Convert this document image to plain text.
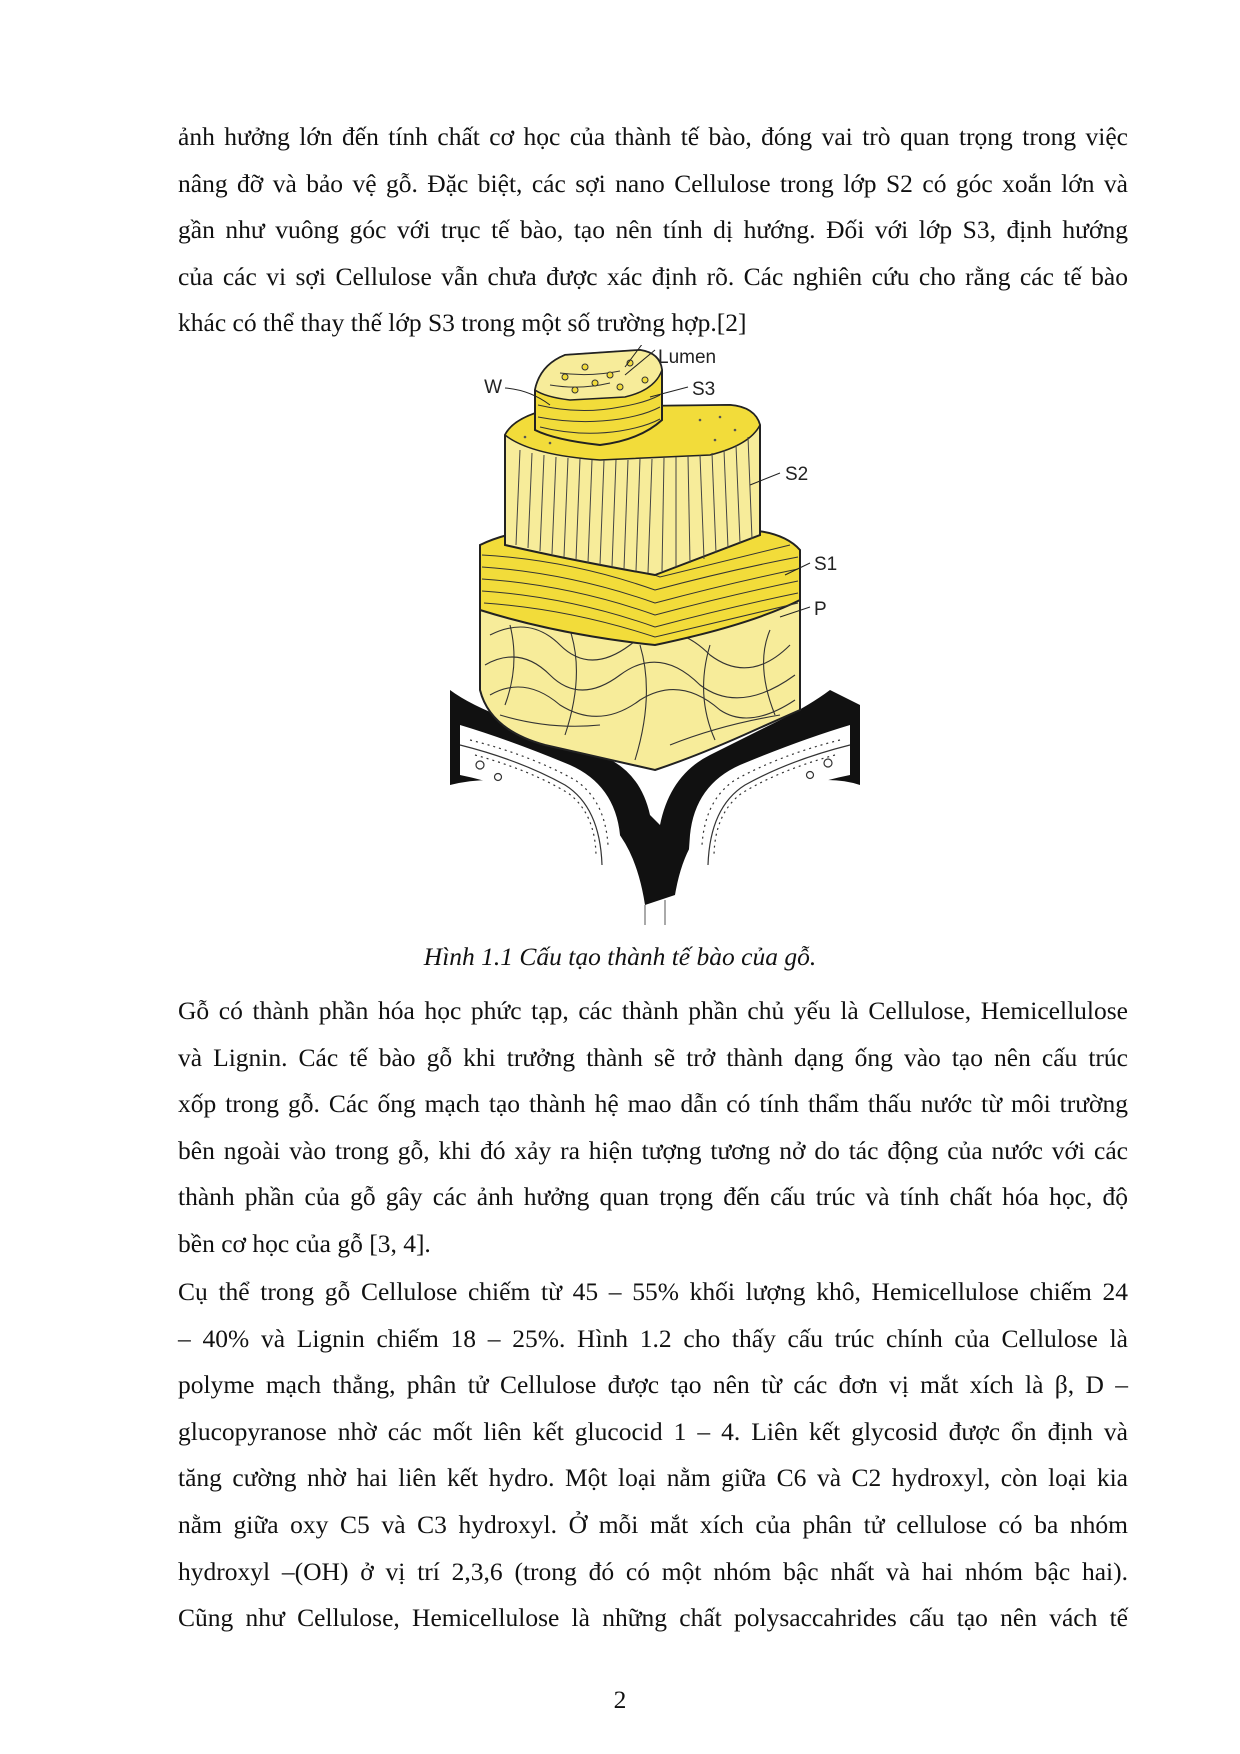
ảnh hưởng lớn đến tính chất cơ học của thành tế bào, đóng vai trò quan trọng trong việc
nâng đỡ và bảo vệ gỗ. Đặc biệt, các sợi nano Cellulose trong lớp S2 có góc xoắn lớn và
gần như vuông góc với trục tế bào, tạo nên tính dị hướng. Đối với lớp S3, định hướng
của các vi sợi Cellulose vẫn chưa được xác định rõ. Các nghiên cứu cho rằng các tế bào
khác có thể thay thế lớp S3 trong một số trường hợp.[2]
Lumen
W	S3
S2
S1
P
Hình 1.1 Cấu tạo thành tế bào của gỗ.
Gỗ có thành phần hóa học phức tạp, các thành phần chủ yếu là Cellulose, Hemicellulose
và Lignin. Các tế bào gỗ khi trưởng thành sẽ trở thành dạng ống vào tạo nên cấu trúc
xốp trong gỗ. Các ống mạch tạo thành hệ mao dẫn có tính thẩm thấu nước từ môi trường
bên ngoài vào trong gỗ, khi đó xảy ra hiện tượng tương nở do tác động của nước với các
thành phần của gỗ gây các ảnh hưởng quan trọng đến cấu trúc và tính chất hóa học, độ
bền cơ học của gỗ [3, 4].
Cụ thể trong gỗ Cellulose chiếm từ 45 – 55% khối lượng khô, Hemicellulose chiếm 24
– 40% và Lignin chiếm 18 – 25%. Hình 1.2 cho thấy cấu trúc chính của Cellulose là
polyme mạch thẳng, phân tử Cellulose được tạo nên từ các đơn vị mắt xích là β, D –
glucopyranose nhờ các mốt liên kết glucocid 1 – 4. Liên kết glycosid được ổn định và
tăng cường nhờ hai liên kết hydro. Một loại nằm giữa C6 và C2 hydroxyl, còn loại kia
nằm giữa oxy C5 và C3 hydroxyl. Ở mỗi mắt xích của phân tử cellulose có ba nhóm
hydroxyl –(OH) ở vị trí 2,3,6 (trong đó có một nhóm bậc nhất và hai nhóm bậc hai).
Cũng như Cellulose, Hemicellulose là những chất polysaccahrides cấu tạo nên vách tế
2
